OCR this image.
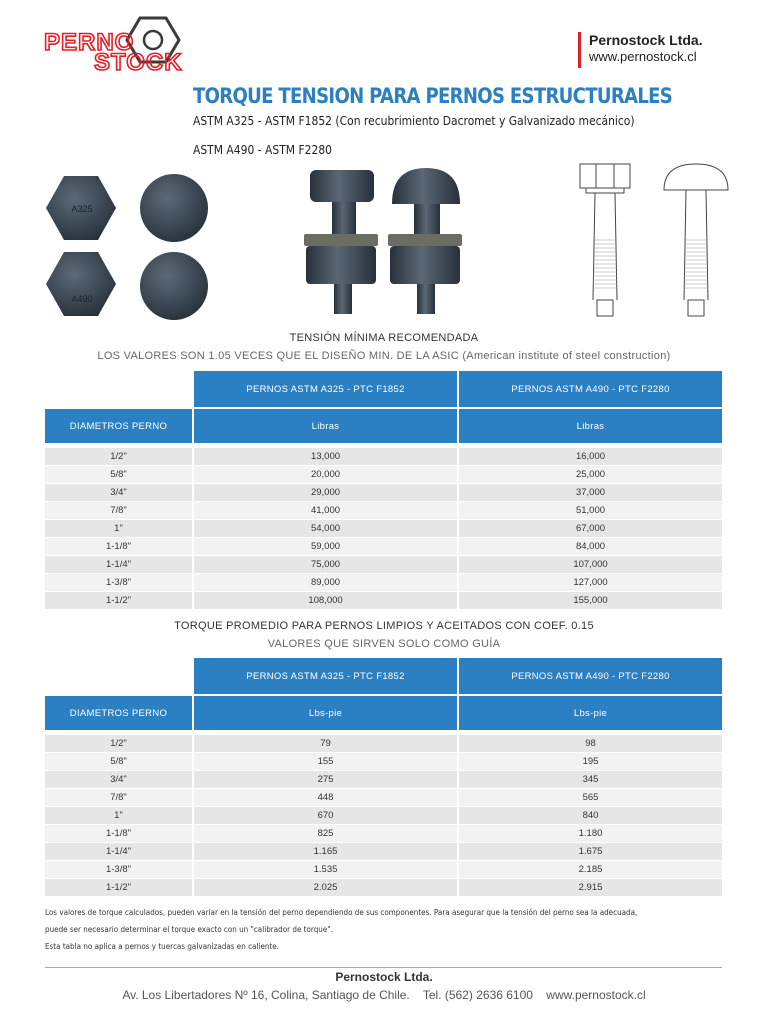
PERNO
STOCK
Pernostock Ltda.
www.pernostock.cl
TORQUE TENSION PARA PERNOS ESTRUCTURALES
ASTM A325 - ASTM F1852 (Con recubrimiento Dacromet y Galvanizado mecánico)
ASTM A490 - ASTM F2280
A325
A490
TENSIÓN MÍNIMA RECOMENDADA
LOS VALORES SON 1.05 VECES QUE EL DISEÑO MIN. DE LA ASIC (American institute of steel construction)
	PERNOS ASTM A325 - PTC F1852	PERNOS ASTM A490 - PTC F2280
DIAMETROS PERNO	Libras	Libras

1/2"	13,000	16,000
5/8"	20,000	25,000
3/4"	29,000	37,000
7/8"	41,000	51,000
1"	54,000	67,000
1-1/8"	59,000	84,000
1-1/4"	75,000	107,000
1-3/8"	89,000	127,000
1-1/2"	108,000	155,000
TORQUE PROMEDIO PARA PERNOS LIMPIOS Y ACEITADOS CON COEF. 0.15
VALORES QUE SIRVEN SOLO COMO GUÍA
	PERNOS ASTM A325 - PTC F1852	PERNOS ASTM A490 - PTC F2280
DIAMETROS PERNO	Lbs-pie	Lbs-pie

1/2"	79	98
5/8"	155	195
3/4"	275	345
7/8"	448	565
1"	670	840
1-1/8"	825	1.180
1-1/4"	1.165	1.675
1-3/8"	1.535	2.185
1-1/2"	2.025	2.915
Los valores de torque calculados, pueden variar en la tensión del perno dependiendo de sus componentes. Para asegurar que la tensión del perno sea la adecuada,
puede ser necesario determinar el torque exacto con un "calibrador de torque".
Esta tabla no aplica a pernos y tuercas galvanizadas en caliente.
Pernostock Ltda.
Av. Los Libertadores Nº 16, Colina, Santiago de Chile.    Tel. (562) 2636 6100    www.pernostock.cl
